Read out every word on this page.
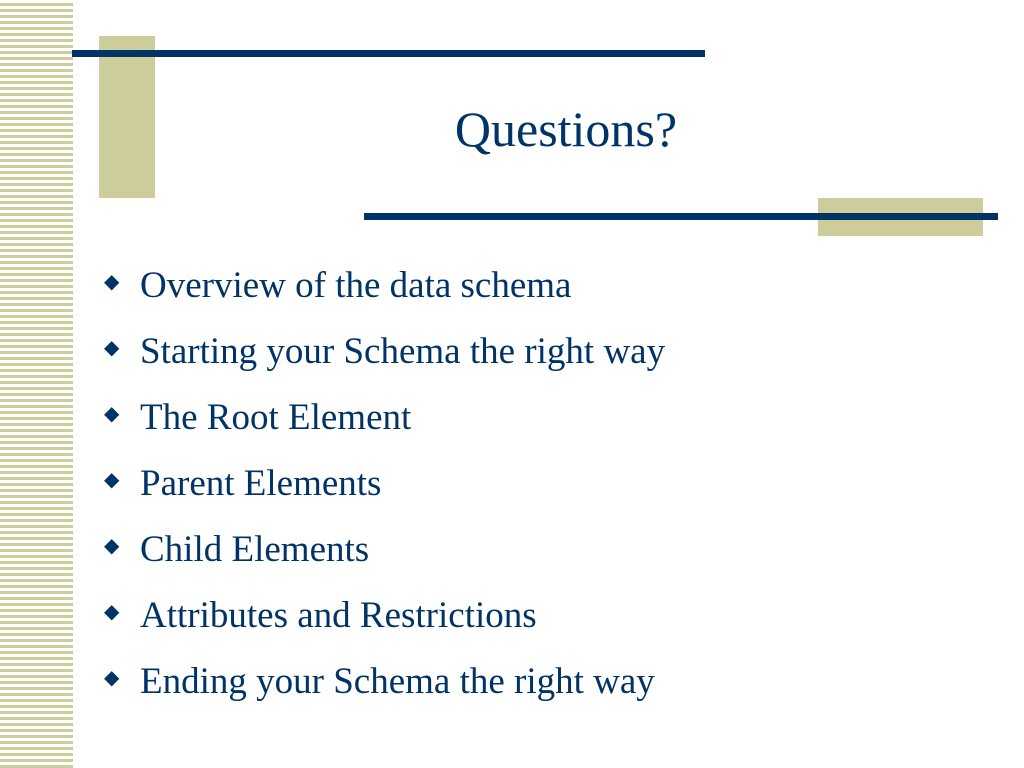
Questions?
◆ Overview of the data schema
◆ Starting your Schema the right way
◆ The Root Element
◆ Parent Elements
◆ Child Elements
◆ Attributes and Restrictions
◆ Ending your Schema the right way
